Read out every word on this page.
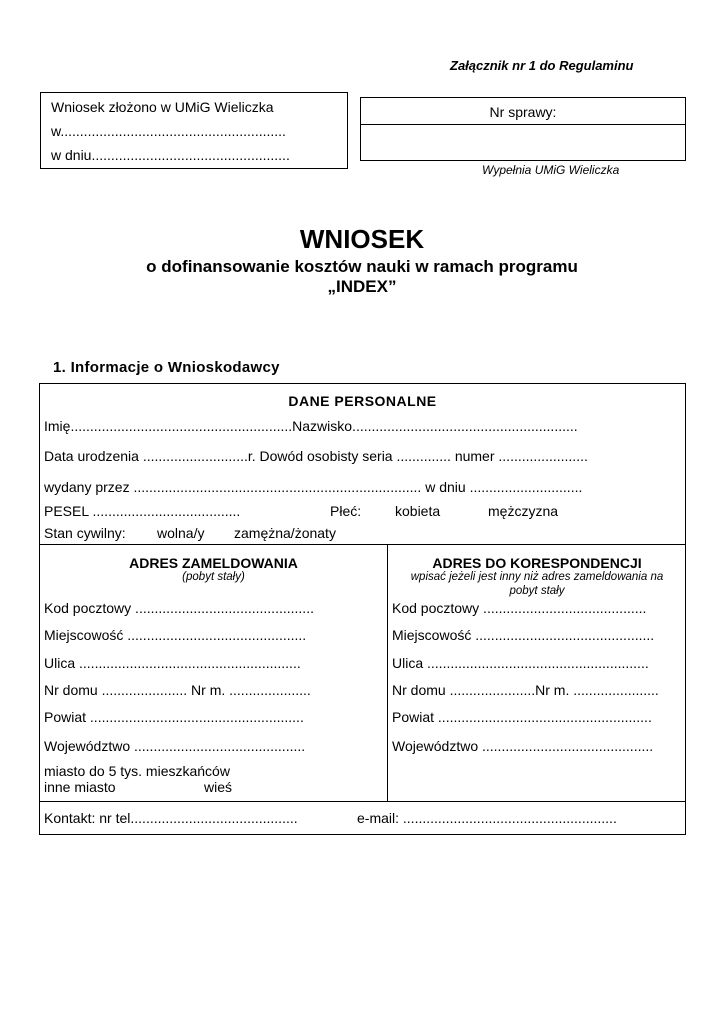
Załącznik nr 1 do Regulaminu
Wniosek złożono w UMiG Wieliczka
w..........................................................
w dniu...................................................
Nr sprawy:
Wypełnia UMiG Wieliczka
WNIOSEK
o dofinansowanie kosztów nauki w ramach programu
„INDEX”
1. Informacje o Wnioskodawcy
DANE PERSONALNE
Imię.........................................................Nazwisko..........................................................
Data urodzenia ...........................r. Dowód osobisty seria .............. numer .......................
wydany przez .......................................................................... w dniu .............................
PESEL ......................................	Płeć: kobieta	mężczyzna
Stan cywilny: wolna/y zamężna/żonaty
ADRES ZAMELDOWANIA
(pobyt stały)
Kod pocztowy ..............................................
Miejscowość ..............................................
Ulica .........................................................
Nr domu ...................... Nr m. .....................
Powiat .......................................................
Województwo ............................................
miasto do 5 tys. mieszkańców
inne miasto	wieś
ADRES DO KORESPONDENCJI
wpisać jeżeli jest inny niż adres zameldowania na
pobyt stały
Kod pocztowy ..........................................
Miejscowość ..............................................
Ulica .........................................................
Nr domu ......................Nr m. ......................
Powiat .......................................................
Województwo ............................................
Kontakt: nr tel...........................................	e-mail: .......................................................
